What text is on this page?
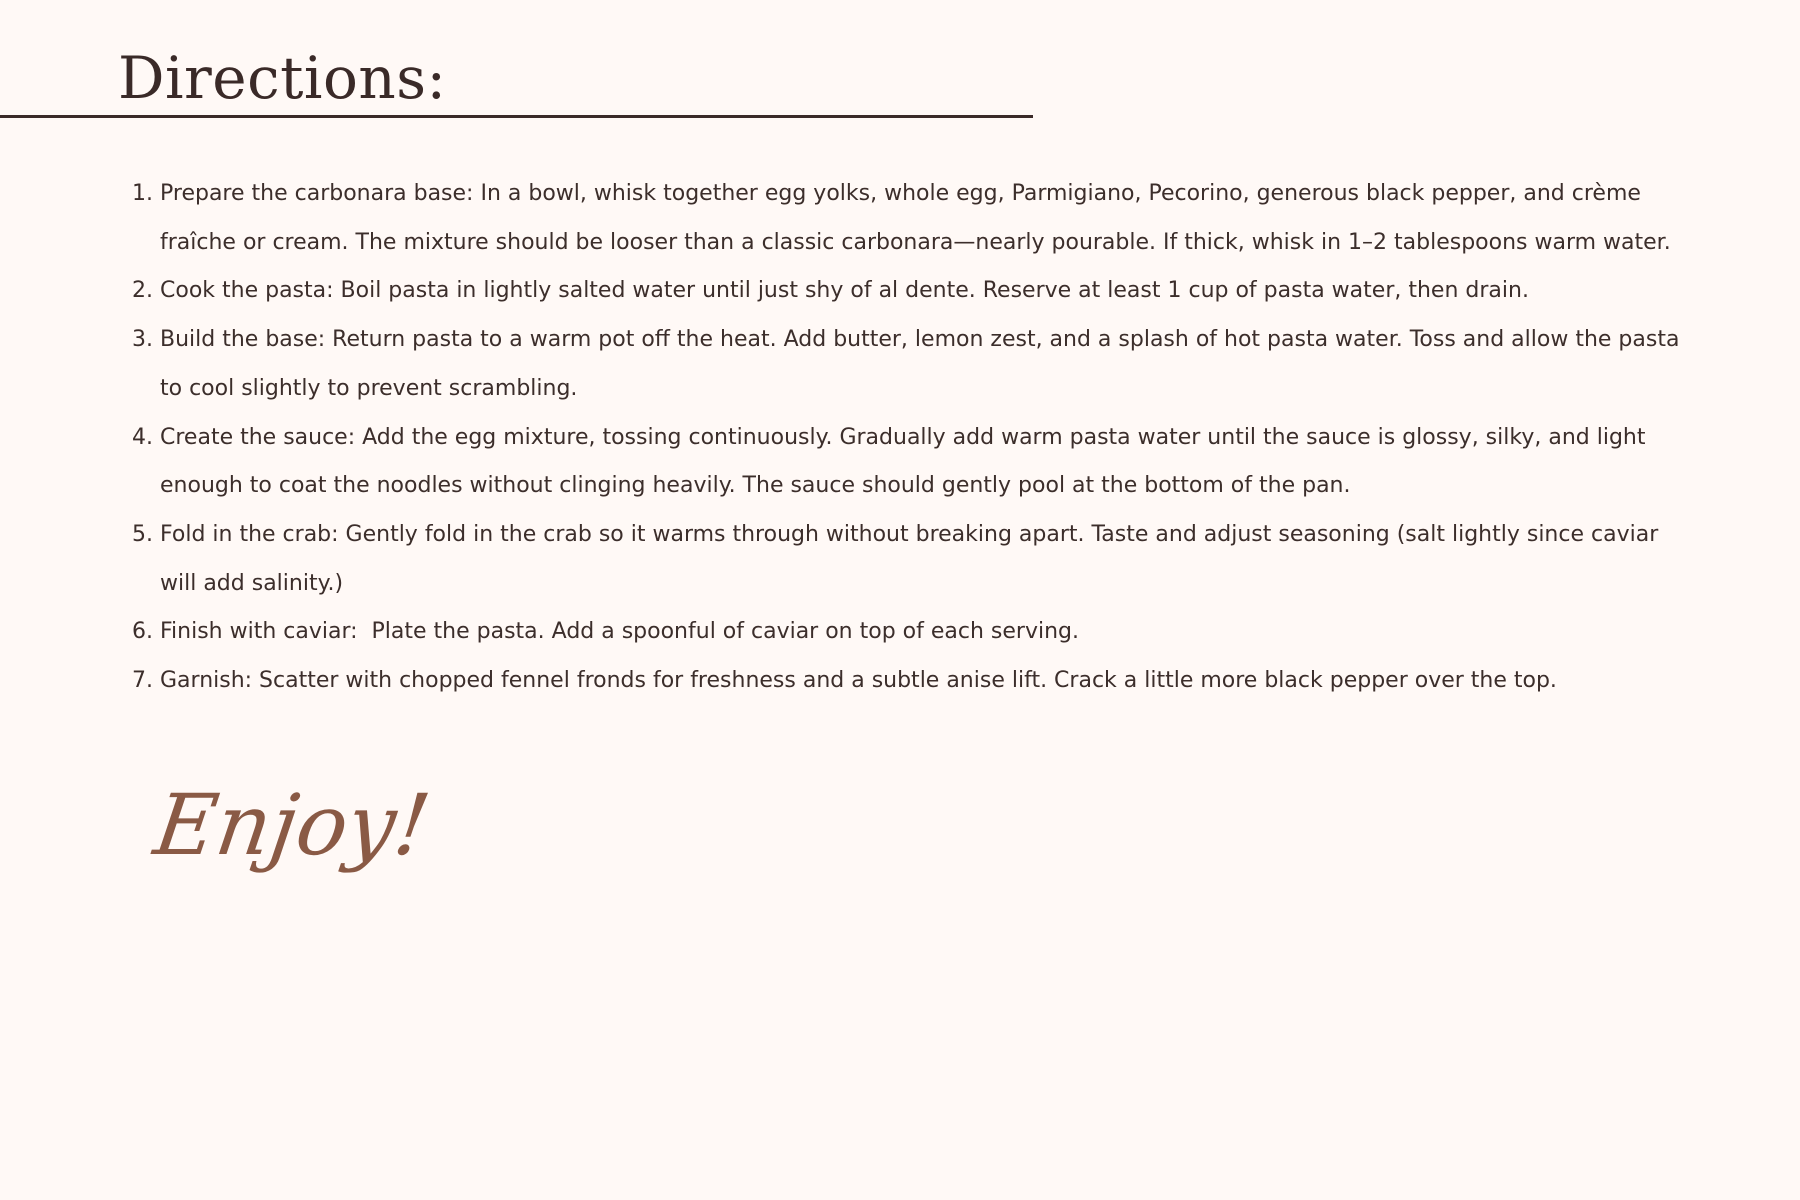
Directions:
1. Prepare the carbonara base: In a bowl, whisk together egg yolks, whole egg, Parmigiano, Pecorino, generous black pepper, and crème fraîche or cream. The mixture should be looser than a classic carbonara—nearly pourable. If thick, whisk in 1–2 tablespoons warm water.
2. Cook the pasta: Boil pasta in lightly salted water until just shy of al dente. Reserve at least 1 cup of pasta water, then drain.
3. Build the base: Return pasta to a warm pot off the heat. Add butter, lemon zest, and a splash of hot pasta water. Toss and allow the pasta to cool slightly to prevent scrambling.
4. Create the sauce: Add the egg mixture, tossing continuously. Gradually add warm pasta water until the sauce is glossy, silky, and light enough to coat the noodles without clinging heavily. The sauce should gently pool at the bottom of the pan.
5. Fold in the crab: Gently fold in the crab so it warms through without breaking apart. Taste and adjust seasoning (salt lightly since caviar will add salinity.)
6. Finish with caviar:  Plate the pasta. Add a spoonful of caviar on top of each serving.
7. Garnish: Scatter with chopped fennel fronds for freshness and a subtle anise lift. Crack a little more black pepper over the top.
Enjoy!
